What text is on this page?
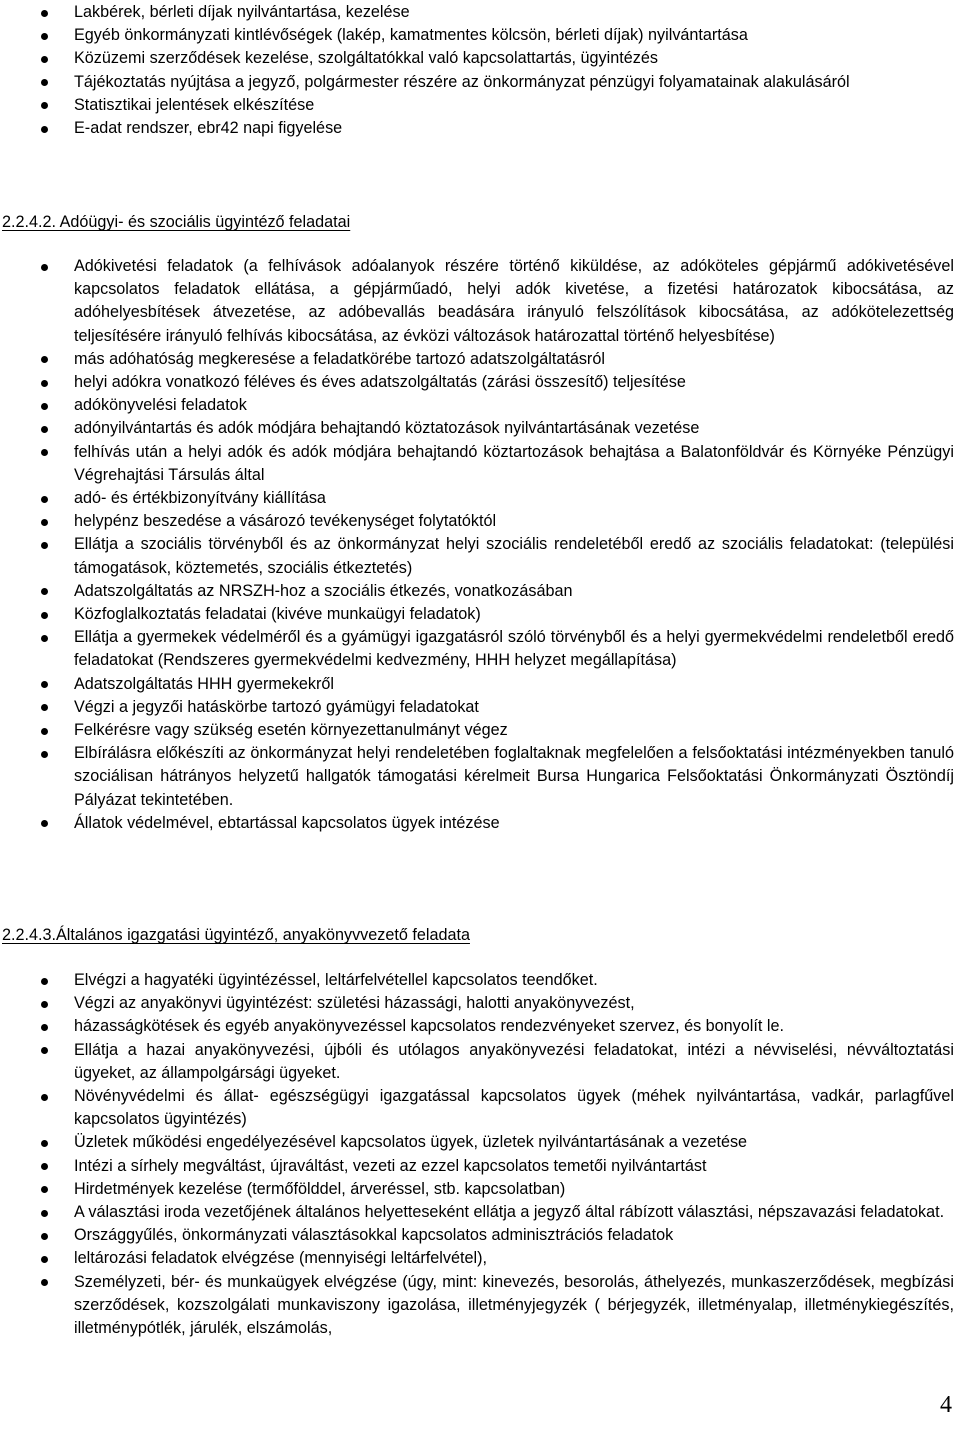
Lakbérek, bérleti díjak nyilvántartása, kezelése
Egyéb önkormányzati kintlévőségek (lakép, kamatmentes kölcsön, bérleti díjak) nyilvántartása
Közüzemi szerződések kezelése, szolgáltatókkal való kapcsolattartás, ügyintézés
Tájékoztatás nyújtása a jegyző, polgármester részére az önkormányzat pénzügyi folyamatainak alakulásáról
Statisztikai jelentések elkészítése
E-adat rendszer, ebr42 napi figyelése
2.2.4.2. Adóügyi- és szociális ügyintéző feladatai
Adókivetési feladatok (a felhívások adóalanyok részére történő kiküldése, az adóköteles gépjármű adókivetésével kapcsolatos feladatok ellátása, a gépjárműadó, helyi adók kivetése, a fizetési határozatok kibocsátása, az adóhelyesbítések átvezetése, az adóbevallás beadására irányuló felszólítások kibocsátása, az adókötelezettség teljesítésére irányuló felhívás kibocsátása, az évközi változások határozattal történő helyesbítése)
más adóhatóság megkeresése a feladatkörébe tartozó adatszolgáltatásról
helyi adókra vonatkozó féléves és éves adatszolgáltatás (zárási összesítő) teljesítése
adókönyvelési feladatok
adónyilvántartás és adók módjára behajtandó köztatozások nyilvántartásának vezetése
felhívás után a helyi adók és adók módjára behajtandó köztartozások behajtása a Balatonföldvár és Környéke Pénzügyi Végrehajtási Társulás által
adó- és értékbizonyítvány kiállítása
helypénz beszedése a vásározó tevékenységet folytatóktól
Ellátja a szociális törvényből és az önkormányzat helyi szociális rendeletéből eredő az szociális feladatokat: (települési támogatások, köztemetés, szociális étkeztetés)
Adatszolgáltatás az NRSZH-hoz a szociális étkezés, vonatkozásában
Közfoglalkoztatás feladatai (kivéve munkaügyi feladatok)
Ellátja a gyermekek védelméről és a gyámügyi igazgatásról szóló törvényből és a helyi gyermekvédelmi rendeletből eredő feladatokat (Rendszeres gyermekvédelmi kedvezmény, HHH helyzet megállapítása)
Adatszolgáltatás HHH gyermekekről
Végzi a jegyzői hatáskörbe tartozó gyámügyi feladatokat
Felkérésre vagy szükség esetén környezettanulmányt végez
Elbírálásra előkészíti az önkormányzat helyi rendeletében foglaltaknak megfelelően a felsőoktatási intézményekben tanuló szociálisan hátrányos helyzetű hallgatók támogatási kérelmeit Bursa Hungarica Felsőoktatási Önkormányzati Ösztöndíj Pályázat tekintetében.
Állatok védelmével, ebtartással kapcsolatos ügyek intézése
2.2.4.3.Általános igazgatási ügyintéző, anyakönyvvezető feladata
Elvégzi a hagyatéki ügyintézéssel, leltárfelvétellel kapcsolatos teendőket.
Végzi az anyakönyvi ügyintézést: születési házassági, halotti anyakönyvezést,
házasságkötések és egyéb anyakönyvezéssel kapcsolatos rendezvényeket szervez, és bonyolít le.
Ellátja a hazai anyakönyvezési, újbóli és utólagos anyakönyvezési feladatokat, intézi a névviselési, névváltoztatási ügyeket, az állampolgársági ügyeket.
Növényvédelmi és állat- egészségügyi igazgatással kapcsolatos ügyek (méhek nyilvántartása, vadkár, parlagfűvel kapcsolatos ügyintézés)
Üzletek működési engedélyezésével kapcsolatos ügyek, üzletek nyilvántartásának a vezetése
Intézi a sírhely megváltást, újraváltást, vezeti az ezzel kapcsolatos temetői nyilvántartást
Hirdetmények kezelése (termőfölddel, árveréssel, stb. kapcsolatban)
A választási iroda vezetőjének általános helyetteseként ellátja a jegyző által rábízott választási, népszavazási feladatokat.
Országgyűlés, önkormányzati választásokkal kapcsolatos adminisztrációs feladatok
leltározási feladatok elvégzése (mennyiségi leltárfelvétel),
Személyzeti, bér- és munkaügyek elvégzése (úgy, mint: kinevezés, besorolás, áthelyezés, munkaszerződések, megbízási szerződések, kozszolgálati munkaviszony igazolása, illetményjegyzék ( bérjegyzék, illetményalap, illetménykiegészítés, illetménypótlék, járulék, elszámolás,
4
